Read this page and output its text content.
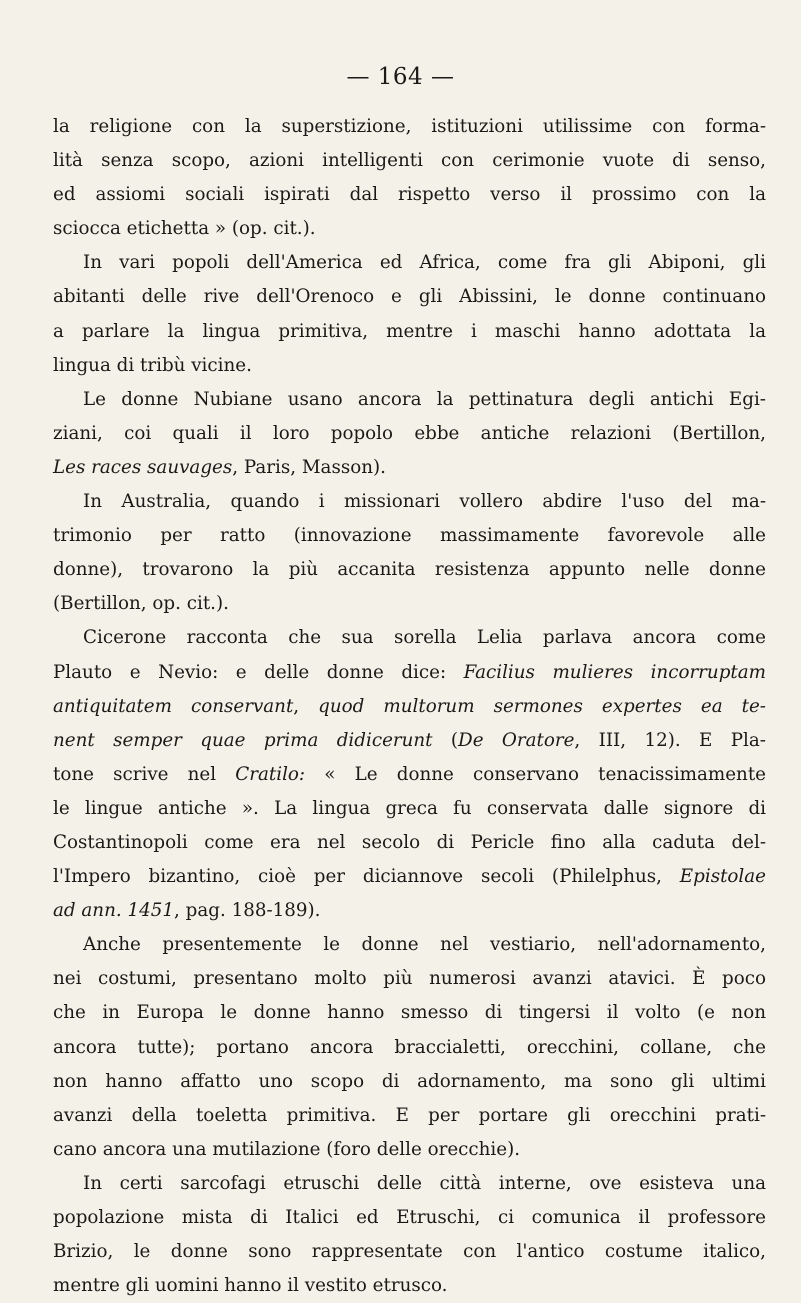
— 164 —
la religione con la superstizione, istituzioni utilissime con forma-
lità senza scopo, azioni intelligenti con cerimonie vuote di senso,
ed assiomi sociali ispirati dal rispetto verso il prossimo con la
sciocca etichetta » (op. cit.).
In vari popoli dell'America ed Africa, come fra gli Abiponi, gli
abitanti delle rive dell'Orenoco e gli Abissini, le donne continuano
a parlare la lingua primitiva, mentre i maschi hanno adottata la
lingua di tribù vicine.
Le donne Nubiane usano ancora la pettinatura degli antichi Egi-
ziani, coi quali il loro popolo ebbe antiche relazioni (Bertillon,
Les races sauvages, Paris, Masson).
In Australia, quando i missionari vollero abdire l'uso del ma-
trimonio per ratto (innovazione massimamente favorevole alle
donne), trovarono la più accanita resistenza appunto nelle donne
(Bertillon, op. cit.).
Cicerone racconta che sua sorella Lelia parlava ancora come
Plauto e Nevio: e delle donne dice: Facilius mulieres incorruptam
antiquitatem conservant, quod multorum sermones expertes ea te-
nent semper quae prima didicerunt (De Oratore, III, 12). E Pla-
tone scrive nel Cratilo: « Le donne conservano tenacissimamente
le lingue antiche ». La lingua greca fu conservata dalle signore di
Costantinopoli come era nel secolo di Pericle fino alla caduta del-
l'Impero bizantino, cioè per diciannove secoli (Philelphus, Epistolae
ad ann. 1451, pag. 188-189).
Anche presentemente le donne nel vestiario, nell'adornamento,
nei costumi, presentano molto più numerosi avanzi atavici. È poco
che in Europa le donne hanno smesso di tingersi il volto (e non
ancora tutte); portano ancora braccialetti, orecchini, collane, che
non hanno affatto uno scopo di adornamento, ma sono gli ultimi
avanzi della toeletta primitiva. E per portare gli orecchini prati-
cano ancora una mutilazione (foro delle orecchie).
In certi sarcofagi etruschi delle città interne, ove esisteva una
popolazione mista di Italici ed Etruschi, ci comunica il professore
Brizio, le donne sono rappresentate con l'antico costume italico,
mentre gli uomini hanno il vestito etrusco.
